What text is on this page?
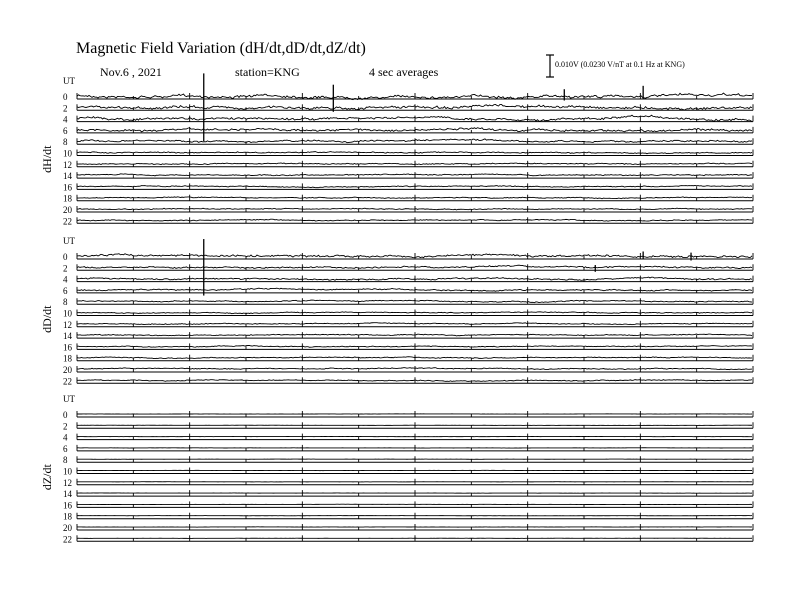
Magnetic Field Variation (dH/dt,dD/dt,dZ/dt)
Nov.6 , 2021	station=KNG	4 sec averages
0.010V (0.0230 V/nT at 0.1 Hz at KNG)
UT
dH/dt
0
2
4
6
8
10
12
14
16
18
20
22
UT
dD/dt
0
2
4
6
8
10
12
14
16
18
20
22
UT
dZ/dt
0
2
4
6
8
10
12
14
16
18
20
22
